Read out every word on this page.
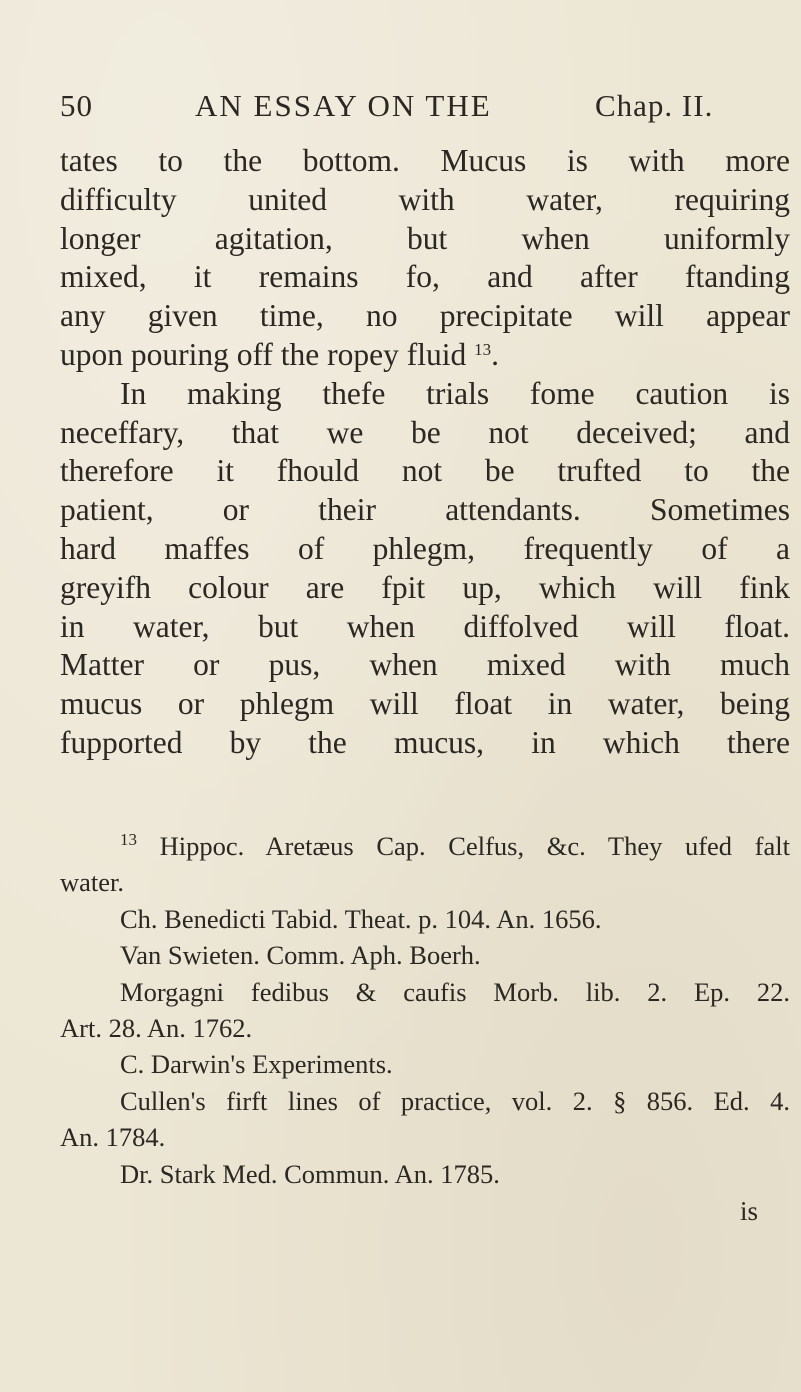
50	AN ESSAY ON THE	Chap. II.
tates to the bottom. Mucus is with more
difficulty united with water, requiring
longer agitation, but when uniformly
mixed, it remains fo, and after ftanding
any given time, no precipitate will appear
upon pouring off the ropey fluid $^{13}$.
In making thefe trials fome caution is
neceffary, that we be not deceived; and
therefore it fhould not be trufted to the
patient, or their attendants. Sometimes
hard maffes of phlegm, frequently of a
greyifh colour are fpit up, which will fink
in water, but when diffolved will float.
Matter or pus, when mixed with much
mucus or phlegm will float in water, being
fupported by the mucus, in which there
$^{13}$ Hippoc. Aretæus Cap. Celfus, &c. They ufed falt
water.
Ch. Benedicti Tabid. Theat. p. 104. An. 1656.
Van Swieten. Comm. Aph. Boerh.
Morgagni fedibus & caufis Morb. lib. 2. Ep. 22.
Art. 28. An. 1762.
C. Darwin's Experiments.
Cullen's firft lines of practice, vol. 2. § 856. Ed. 4.
An. 1784.
Dr. Stark Med. Commun. An. 1785.
is
